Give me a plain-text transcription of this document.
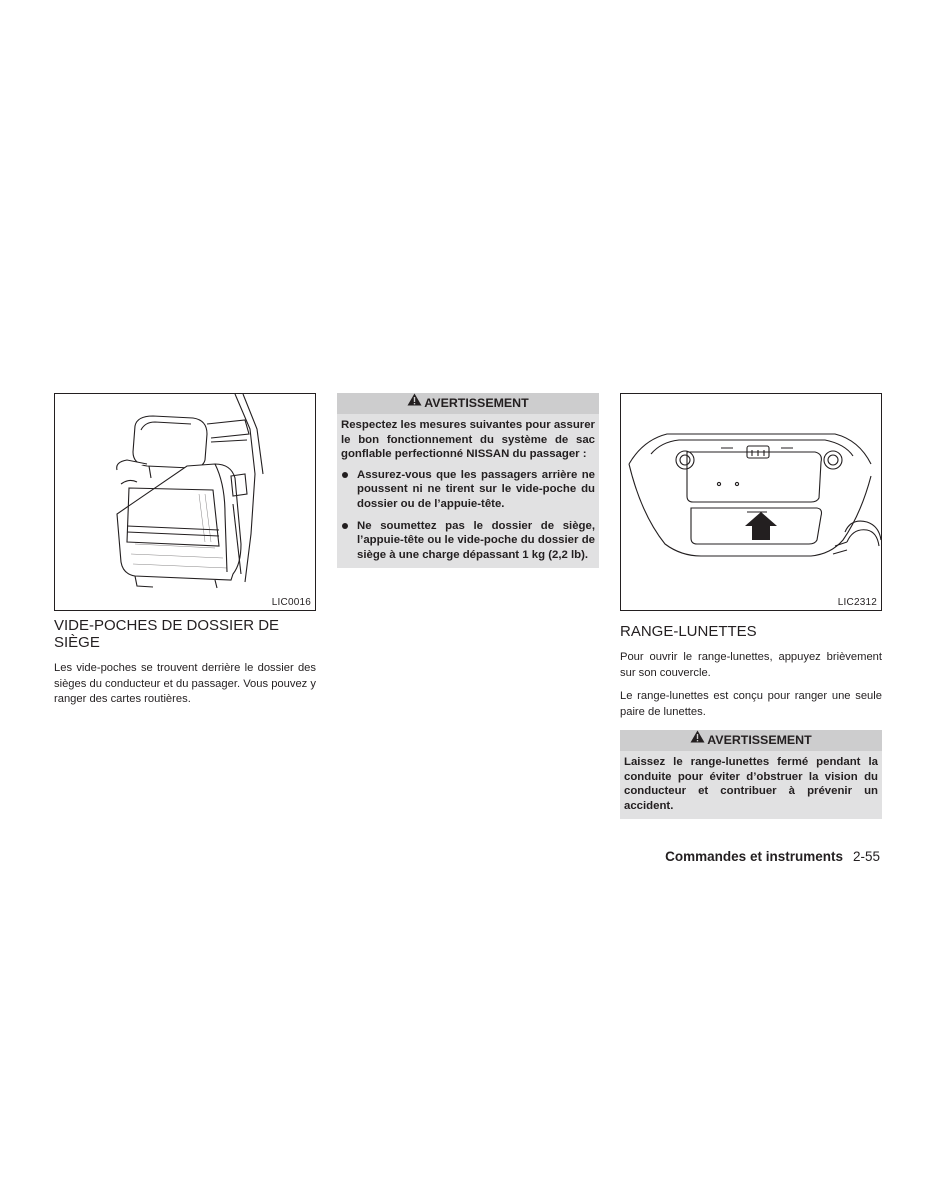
LIC0016
VIDE-POCHES DE DOSSIER DE SIÈGE

Les vide-poches se trouvent derrière le dossier des sièges du conducteur et du passager. Vous pouvez y ranger des cartes routières.

AVERTISSEMENT

Respectez les mesures suivantes pour assurer le bon fonctionnement du système de sac gonflable perfectionné NISSAN du passager :

Assurez-vous que les passagers arrière ne poussent ni ne tirent sur le vide-poche du dossier ou de l’appuie-tête.
Ne soumettez pas le dossier de siège, l’appuie-tête ou le vide-poche du dossier de siège à une charge dépassant 1 kg (2,2 lb).
LIC2312
RANGE-LUNETTES

Pour ouvrir le range-lunettes, appuyez brièvement sur son couvercle.

Le range-lunettes est conçu pour ranger une seule paire de lunettes.

AVERTISSEMENT

Laissez le range-lunettes fermé pendant la conduite pour éviter d’obstruer la vision du conducteur et contribuer à prévenir un accident.

Commandes et instruments 2-55
